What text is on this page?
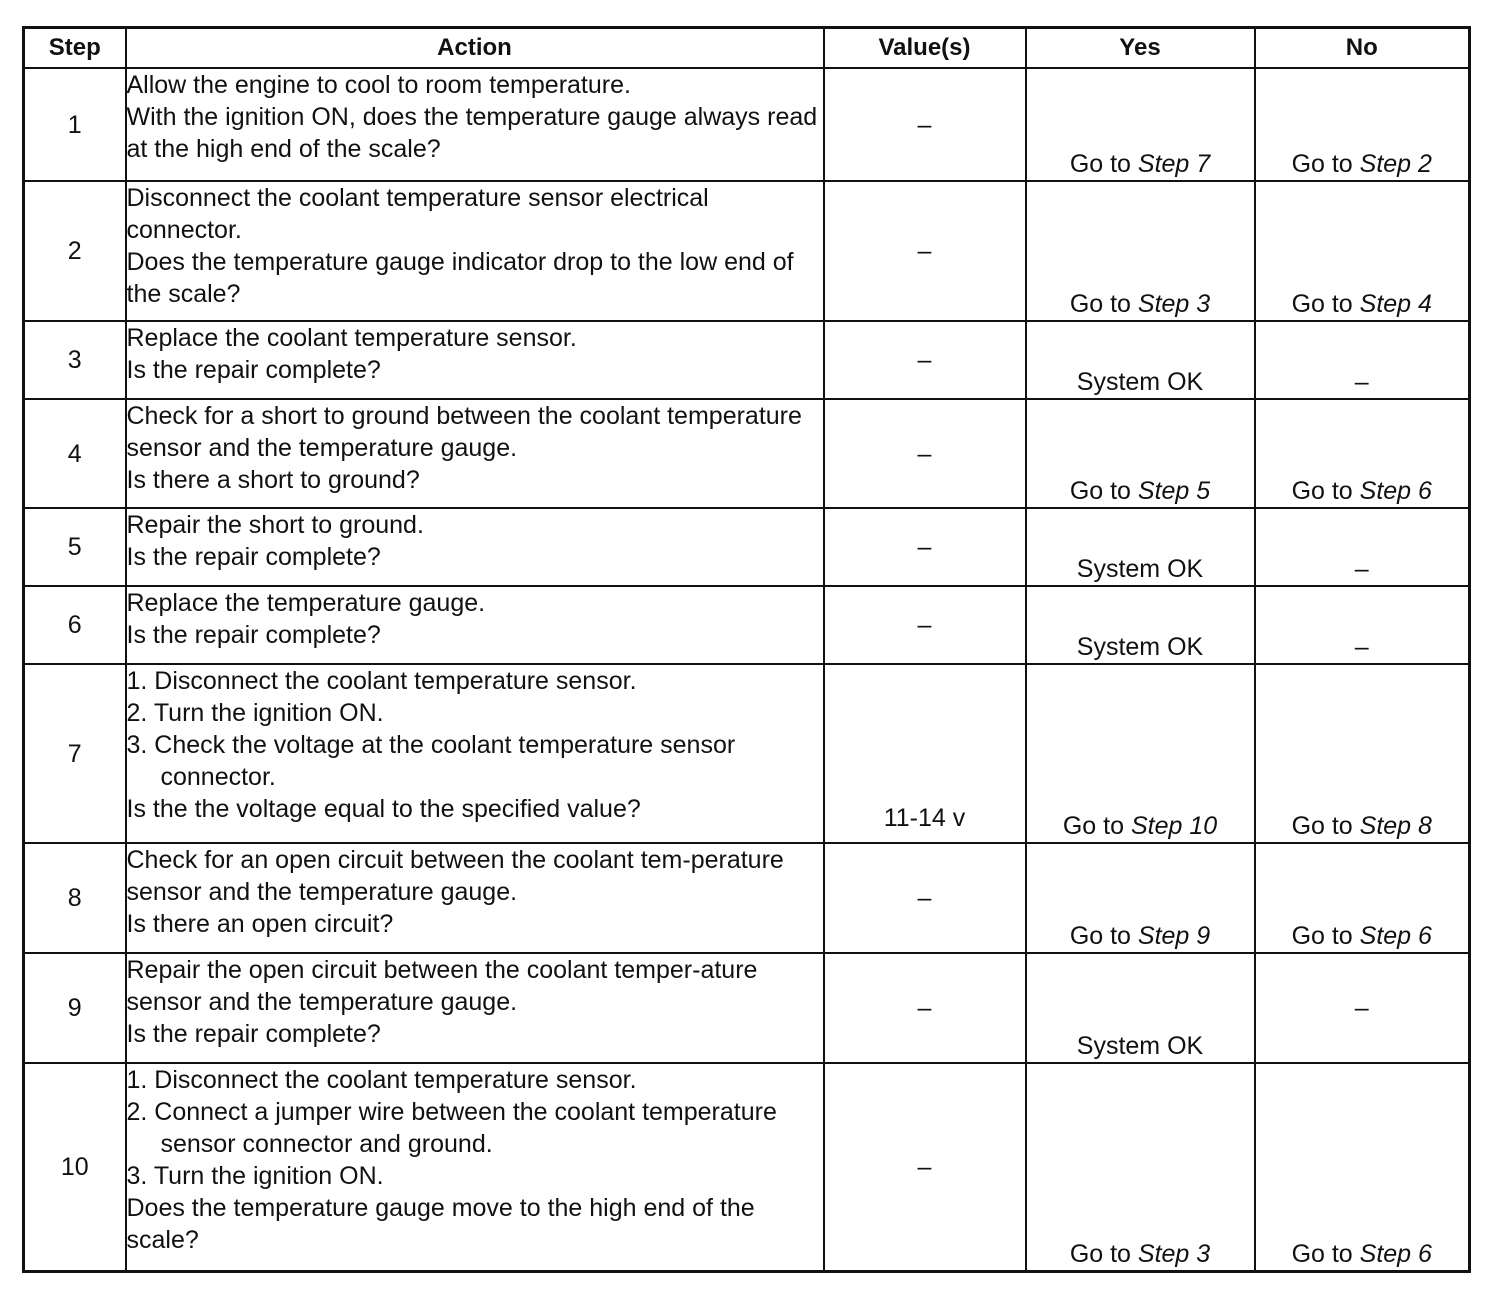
Step	Action	Value(s)	Yes	No
1	Allow the engine to cool to room temperature.
With the ignition ON, does the temperature gauge always read at the high end of the scale?	–	Go to Step 7	Go to Step 2
2	Disconnect the coolant temperature sensor electrical connector.
Does the temperature gauge indicator drop to the low end of the scale?	–	Go to Step 3	Go to Step 4
3	Replace the coolant temperature sensor.
Is the repair complete?	–	System OK	–
4	Check for a short to ground between the coolant temperature sensor and the temperature gauge.
Is there a short to ground?	–	Go to Step 5	Go to Step 6
5	Repair the short to ground.
Is the repair complete?	–	System OK	–
6	Replace the temperature gauge.
Is the repair complete?	–	System OK	–
7	1. Disconnect the coolant temperature sensor.
2. Turn the ignition ON.
3. Check the voltage at the coolant temperature sensor connector.
Is the the voltage equal to the specified value?	11-14 v	Go to Step 10	Go to Step 8
8	Check for an open circuit between the coolant tem-perature sensor and the temperature gauge.
Is there an open circuit?	–	Go to Step 9	Go to Step 6
9	Repair the open circuit between the coolant temper-ature sensor and the temperature gauge.
Is the repair complete?	–	System OK	–
10	1. Disconnect the coolant temperature sensor.
2. Connect a jumper wire between the coolant temperature sensor connector and ground.
3. Turn the ignition ON.
Does the temperature gauge move to the high end of the scale?	–	Go to Step 3	Go to Step 6
